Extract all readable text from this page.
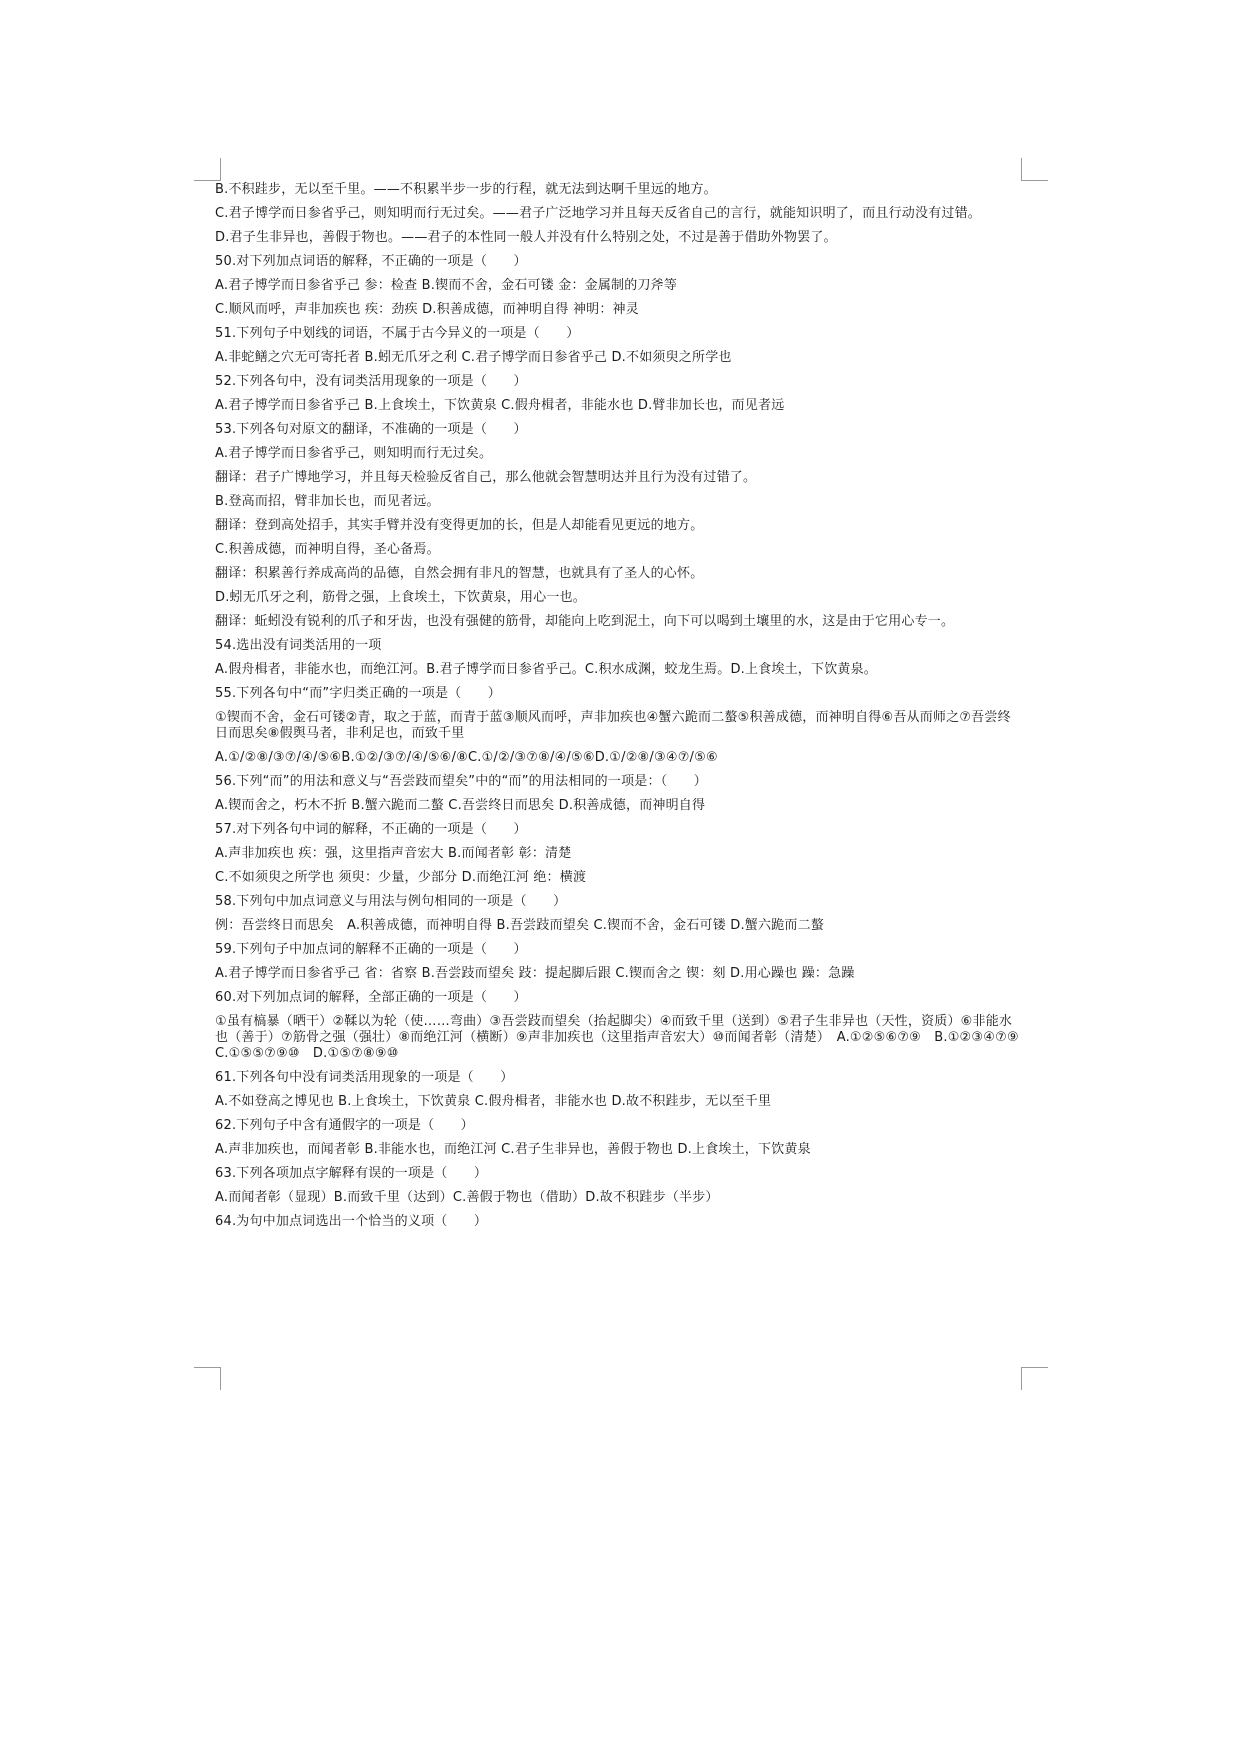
B.不积跬步，无以至千里。——不积累半步一步的行程，就无法到达啊千里远的地方。
C.君子博学而日参省乎己，则知明而行无过矣。——君子广泛地学习并且每天反省自己的言行，就能知识明了，而且行动没有过错。
D.君子生非异也，善假于物也。——君子的本性同一般人并没有什么特别之处，不过是善于借助外物罢了。
50.对下列加点词语的解释，不正确的一项是（　　）
A.君子博学而日参省乎己 参：检查 B.锲而不舍，金石可镂 金：金属制的刀斧等
C.顺风而呼，声非加疾也 疾：劲疾 D.积善成德，而神明自得 神明：神灵
51.下列句子中划线的词语，不属于古今异义的一项是（　　）
A.非蛇鳝之穴无可寄托者 B.蚓无爪牙之利 C.君子博学而日参省乎己 D.不如须臾之所学也
52.下列各句中，没有词类活用现象的一项是（　　）
A.君子博学而日参省乎己 B.上食埃土，下饮黄泉 C.假舟楫者，非能水也 D.臂非加长也，而见者远
53.下列各句对原文的翻译，不准确的一项是（　　）
A.君子博学而日参省乎己，则知明而行无过矣。
翻译：君子广博地学习，并且每天检验反省自己，那么他就会智慧明达并且行为没有过错了。
B.登高而招，臂非加长也，而见者远。
翻译：登到高处招手，其实手臂并没有变得更加的长，但是人却能看见更远的地方。
C.积善成德，而神明自得，圣心备焉。
翻译：积累善行养成高尚的品德，自然会拥有非凡的智慧，也就具有了圣人的心怀。
D.蚓无爪牙之利，筋骨之强，上食埃土，下饮黄泉，用心一也。
翻译：蚯蚓没有锐利的爪子和牙齿，也没有强健的筋骨，却能向上吃到泥土，向下可以喝到土壤里的水，这是由于它用心专一。
54.选出没有词类活用的一项
A.假舟楫者，非能水也，而绝江河。B.君子博学而日参省乎己。C.积水成渊，蛟龙生焉。D.上食埃土，下饮黄泉。
55.下列各句中“而”字归类正确的一项是（　　）
①锲而不舍，金石可镂②青，取之于蓝，而青于蓝③顺风而呼，声非加疾也④蟹六跪而二螯⑤积善成德，而神明自得⑥吾从而师之⑦吾尝终日而思矣⑧假舆马者，非利足也，而致千里
A.①/②⑧/③⑦/④/⑤⑥B.①②/③⑦/④/⑤⑥/⑧C.①/②/③⑦⑧/④/⑤⑥D.①/②⑧/③④⑦/⑤⑥
56.下列“而”的用法和意义与“吾尝跂而望矣”中的“而”的用法相同的一项是：（　　）
A.锲而舍之，朽木不折 B.蟹六跪而二螯 C.吾尝终日而思矣 D.积善成德，而神明自得
57.对下列各句中词的解释，不正确的一项是（　　）
A.声非加疾也 疾：强，这里指声音宏大 B.而闻者彰 彰：清楚
C.不如须臾之所学也 须臾：少量，少部分 D.而绝江河 绝：横渡
58.下列句中加点词意义与用法与例句相同的一项是（　　）
例：吾尝终日而思矣　A.积善成德，而神明自得 B.吾尝跂而望矣 C.锲而不舍，金石可镂 D.蟹六跪而二螯
59.下列句子中加点词的解释不正确的一项是（　　）
A.君子博学而日参省乎己 省：省察 B.吾尝跂而望矣 跂：提起脚后跟 C.锲而舍之 锲：刻 D.用心躁也 躁：急躁
60.对下列加点词的解释，全部正确的一项是（　　）
①虽有槁暴（晒干）②鞣以为轮（使……弯曲）③吾尝跂而望矣（抬起脚尖）④而致千里（送到）⑤君子生非异也（天性，资质）⑥非能水也（善于）⑦筋骨之强（强壮）⑧而绝江河（横断）⑨声非加疾也（这里指声音宏大）⑩而闻者彰（清楚）　A.①②⑤⑥⑦⑨　B.①②③④⑦⑨　C.①⑤⑤⑦⑨⑩　D.①⑤⑦⑧⑨⑩
61.下列各句中没有词类活用现象的一项是（　　）
A.不如登高之博见也 B.上食埃土，下饮黄泉 C.假舟楫者，非能水也 D.故不积跬步，无以至千里
62.下列句子中含有通假字的一项是（　　）
A.声非加疾也，而闻者彰 B.非能水也，而绝江河 C.君子生非异也，善假于物也 D.上食埃土，下饮黄泉
63.下列各项加点字解释有误的一项是（　　）
A.而闻者彰（显现）B.而致千里（达到）C.善假于物也（借助）D.故不积跬步（半步）
64.为句中加点词选出一个恰当的义项（　　）
